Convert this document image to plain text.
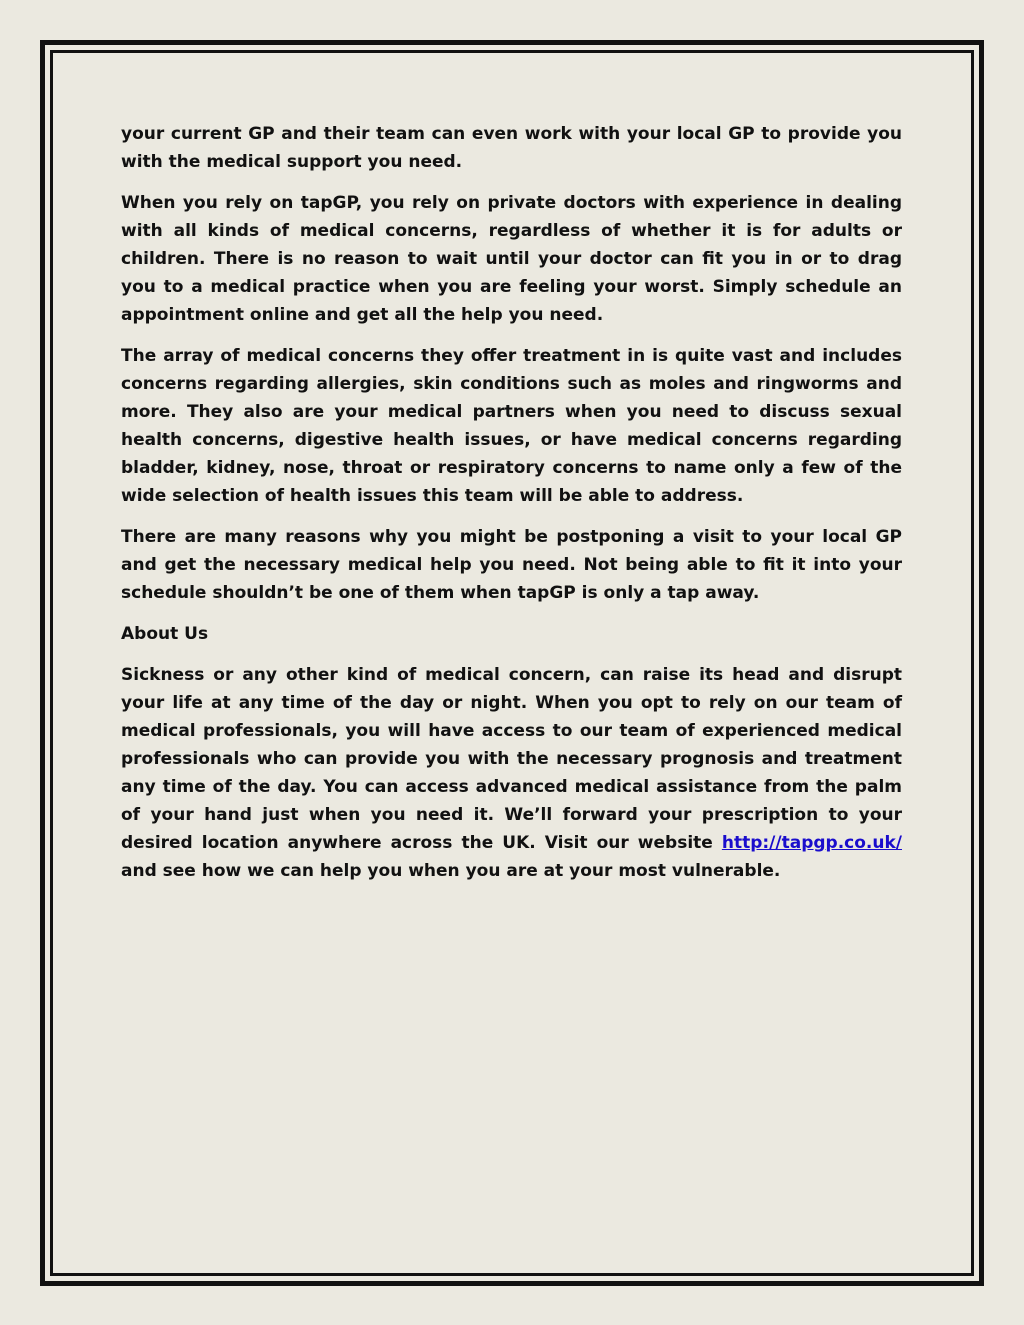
your current GP and their team can even work with your local GP to provide you with the medical support you need.

When you rely on tapGP, you rely on private doctors with experience in dealing with all kinds of medical concerns, regardless of whether it is for adults or children. There is no reason to wait until your doctor can fit you in or to drag you to a medical practice when you are feeling your worst. Simply schedule an appointment online and get all the help you need.

The array of medical concerns they offer treatment in is quite vast and includes concerns regarding allergies, skin conditions such as moles and ringworms and more. They also are your medical partners when you need to discuss sexual health concerns, digestive health issues, or have medical concerns regarding bladder, kidney, nose, throat or respiratory concerns to name only a few of the wide selection of health issues this team will be able to address.

There are many reasons why you might be postponing a visit to your local GP and get the necessary medical help you need. Not being able to fit it into your schedule shouldn’t be one of them when tapGP is only a tap away.

About Us

Sickness or any other kind of medical concern, can raise its head and disrupt your life at any time of the day or night. When you opt to rely on our team of medical professionals, you will have access to our team of experienced medical professionals who can provide you with the necessary prognosis and treatment any time of the day. You can access advanced medical assistance from the palm of your hand just when you need it. We’ll forward your prescription to your desired location anywhere across the UK. Visit our website http://tapgp.co.uk/ and see how we can help you when you are at your most vulnerable.
